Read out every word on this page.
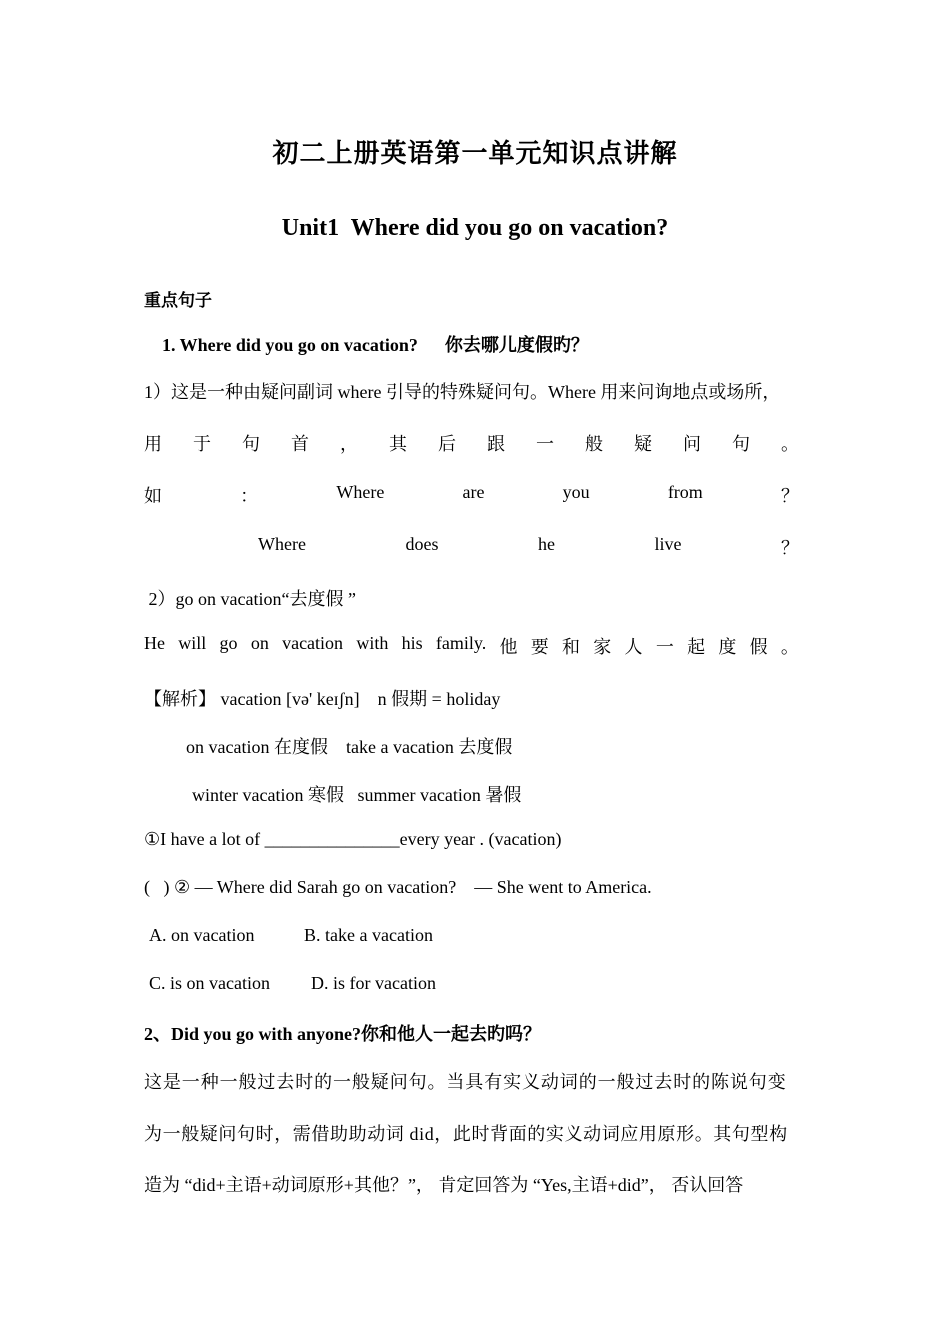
初二上册英语第一单元知识点讲解
Unit1  Where did you go on vacation?
重点句子
1. Where did you go on vacation?      你去哪儿度假旳？
1）这是一种由疑问副词 where 引导的特殊疑问句。Where 用来问询地点或场所，
用 于 句 首 ， 其 后 跟 一 般 疑 问 句 。
如	：	Where	are	you	from	？
Where	does	he	live	？
2）go on vacation“去度假 ”
He will go on vacation with his family. 他 要 和 家 人 一 起 度 假 。
【解析】 vacation [və' keɪʃn]    n 假期 = holiday
on vacation 在度假    take a vacation 去度假
winter vacation 寒假   summer vacation 暑假
①I have a lot of _______________every year . (vacation)
(   ) ② — Where did Sarah go on vacation?    — She went to America.
A. on vacation	B. take a vacation
C. is on vacation D. is for vacation
2、Did you go with anyone?你和他人一起去旳吗？
这是一种一般过去时的一般疑问句。当具有实义动词的一般过去时的陈说句变
为一般疑问句时，需借助助动词 did，此时背面的实义动词应用原形。其句型构
造为 “did+主语+动词原形+其他？”， 肯定回答为 “Yes,主语+did”， 否认回答
